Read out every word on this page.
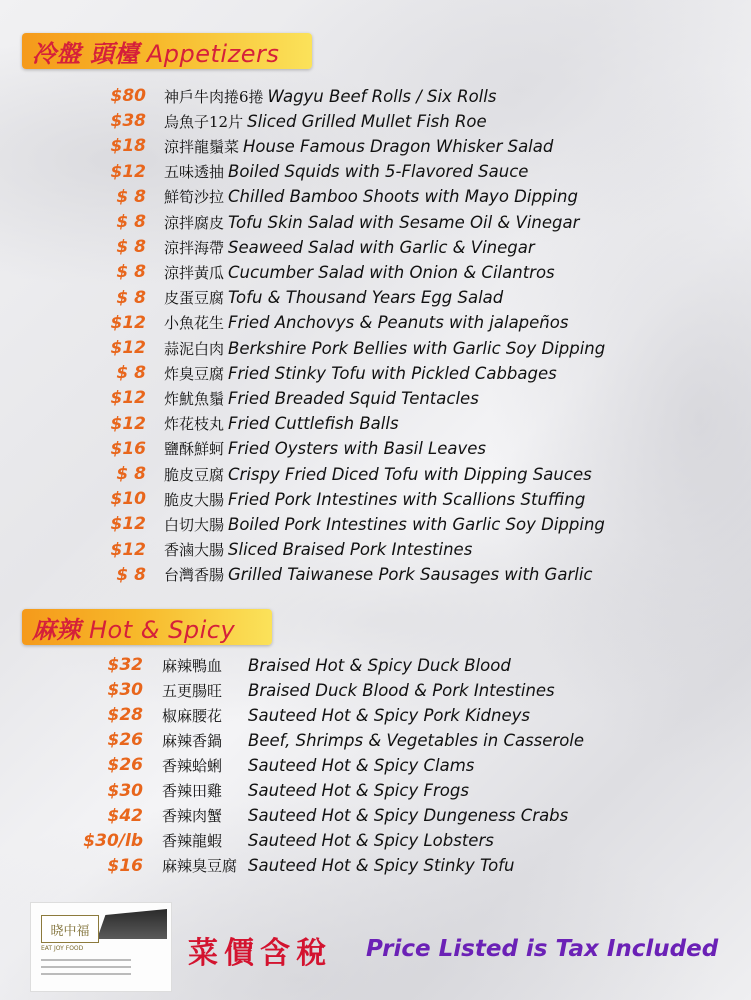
冷盤 頭檯 Appetizers
$80 神戶牛肉捲6捲 Wagyu Beef Rolls / Six Rolls
$38 烏魚子12片 Sliced Grilled Mullet Fish Roe
$18 涼拌龍鬚菜 House Famous Dragon Whisker Salad
$12 五味透抽 Boiled Squids with 5-Flavored Sauce
$ 8 鮮筍沙拉 Chilled Bamboo Shoots with Mayo Dipping
$ 8 涼拌腐皮 Tofu Skin Salad with Sesame Oil & Vinegar
$ 8 涼拌海帶 Seaweed Salad with Garlic & Vinegar
$ 8 涼拌黃瓜 Cucumber Salad with Onion & Cilantros
$ 8 皮蛋豆腐 Tofu & Thousand Years Egg Salad
$12 小魚花生 Fried Anchovys & Peanuts with jalapeños
$12 蒜泥白肉 Berkshire Pork Bellies with Garlic Soy Dipping
$ 8 炸臭豆腐 Fried Stinky Tofu with Pickled Cabbages
$12 炸魷魚鬚 Fried Breaded Squid Tentacles
$12 炸花枝丸 Fried Cuttlefish Balls
$16 鹽酥鮮蚵 Fried Oysters with Basil Leaves
$ 8 脆皮豆腐 Crispy Fried Diced Tofu with Dipping Sauces
$10 脆皮大腸 Fried Pork Intestines with Scallions Stuffing
$12 白切大腸 Boiled Pork Intestines with Garlic Soy Dipping
$12 香滷大腸 Sliced Braised Pork Intestines
$ 8 台灣香腸 Grilled Taiwanese Pork Sausages with Garlic
麻辣 Hot & Spicy
$32 麻辣鴨血	Braised Hot & Spicy Duck Blood
$30 五更腸旺	Braised Duck Blood & Pork Intestines
$28 椒麻腰花	Sauteed Hot & Spicy Pork Kidneys
$26 麻辣香鍋	Beef, Shrimps & Vegetables in Casserole
$26 香辣蛤蜊	Sauteed Hot & Spicy Clams
$30 香辣田雞	Sauteed Hot & Spicy Frogs
$42 香辣肉蟹	Sauteed Hot & Spicy Dungeness Crabs
$30/lb 香辣龍蝦	Sauteed Hot & Spicy Lobsters
$16 麻辣臭豆腐 Sauteed Hot & Spicy Stinky Tofu
晓中福
EAT JOY FOOD	菜價含稅 Price Listed is Tax Included
